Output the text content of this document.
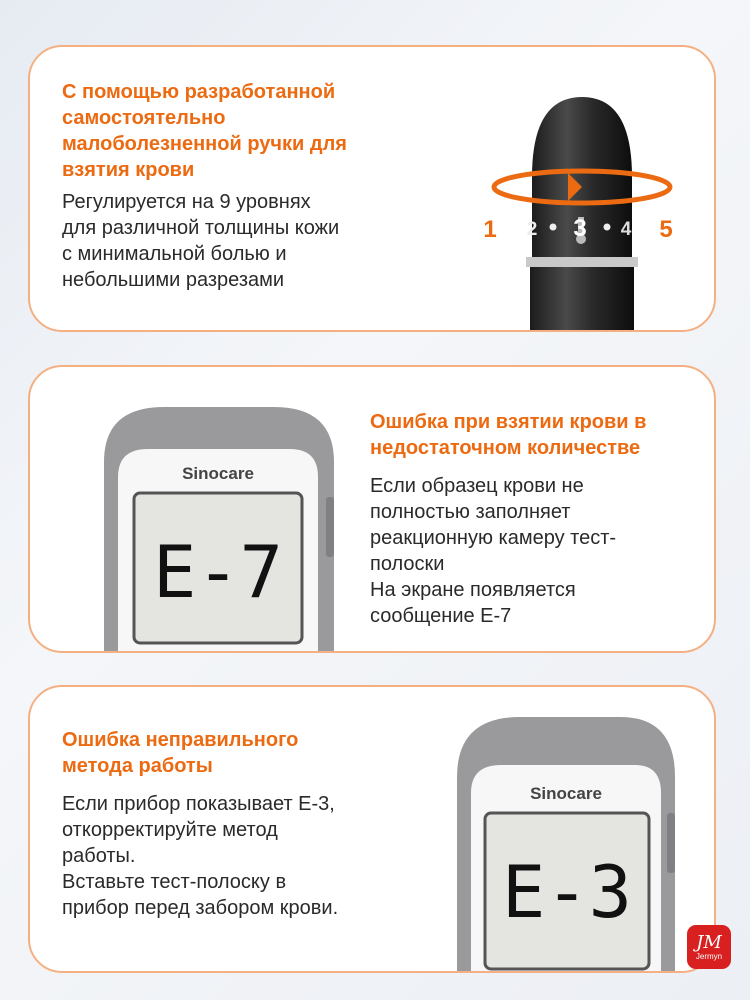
С помощью разработанной
самостоятельно
малоболезненной ручки для
взятия крови
Регулируется на 9 уровнях
для различной толщины кожи
с минимальной болью и
небольшими разрезами
1 2 3 4 5
Sinocare
E-7
Ошибка при взятии крови в
недостаточном количестве
Если образец крови не
полностью заполняет
реакционную камеру тест-
полоски
На экране появляется
сообщение Е-7
Ошибка неправильного
метода работы
Если прибор показывает Е-3,
откорректируйте метод
работы.
Вставьте тест-полоску в
прибор перед забором крови.
Sinocare
E-3
JM
Jermyn
